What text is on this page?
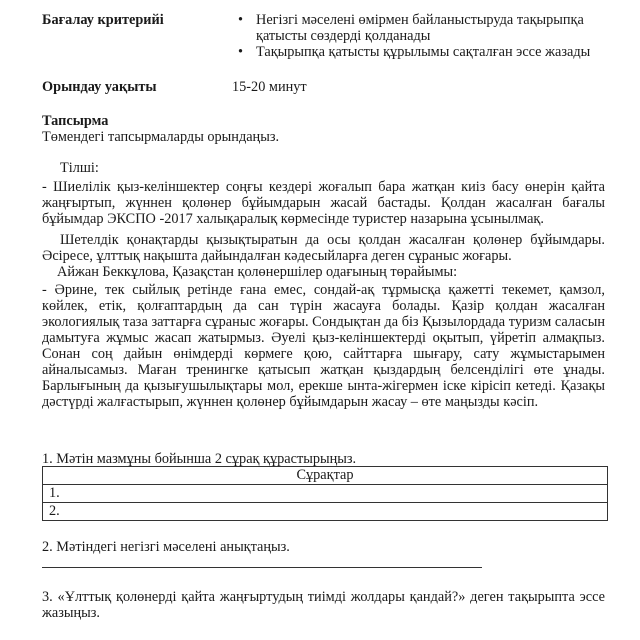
Бағалау критерийі	• Негізгі мәселені өмірмен байланыстыруда тақырыпқа қатысты сөздерді қолданады
• Тақырыпқа қатысты құрылымы сақталған эссе жазады
Орындау уақыты	15-20 минут
Тапсырма
Төмендегі тапсырмаларды орындаңыз.
Тілші:
- Шиелілік қыз-келіншектер соңғы кездері жоғалып бара жатқан киіз басу өнерін қайта жаңғыртып, жүннен қолөнер бұйымдарын жасай бастады. Қолдан жасалған бағалы бұйымдар ЭКСПО -2017 халықаралық көрмесінде туристер назарына ұсынылмақ.
Шетелдік қонақтарды қызықтыратын да осы қолдан жасалған қолөнер бұйымдары. Әсіресе, ұлттық нақышта дайындалған кәдесыйларға деген сұраныс жоғары.
Айжан Беккұлова, Қазақстан қолөнершілер одағының төрайымы:
- Әрине, тек сыйлық ретінде ғана емес, сондай-ақ тұрмысқа қажетті текемет, қамзол, көйлек, етік, қолғаптардың да сан түрін жасауға болады. Қазір қолдан жасалған экологиялық таза заттарға сұраныс жоғары. Сондықтан да біз Қызылордада туризм саласын дамытуға жұмыс жасап жатырмыз. Әуелі қыз-келіншектерді оқытып, үйретіп алмақпыз. Сонан соң дайын өнімдерді көрмеге қою, сайттарға шығару, сату жұмыстарымен айналысамыз. Маған тренингке қатысып жатқан қыздардың белсенділігі өте ұнады. Барлығының да қызығушылықтары мол, ерекше ынта-жігермен іске кірісіп кетеді. Қазақы дәстүрді жалғастырып, жүннен қолөнер бұйымдарын жасау – өте маңызды кәсіп.
1. Мәтін мазмұны бойынша 2 сұрақ құрастырыңыз.
Сұрақтар
1.
2.
2. Мәтіндегі негізгі мәселені анықтаңыз.
3. «Ұлттық қолөнерді қайта жаңғыртудың тиімді жолдары қандай?» деген тақырыпта эссе жазыңыз.
